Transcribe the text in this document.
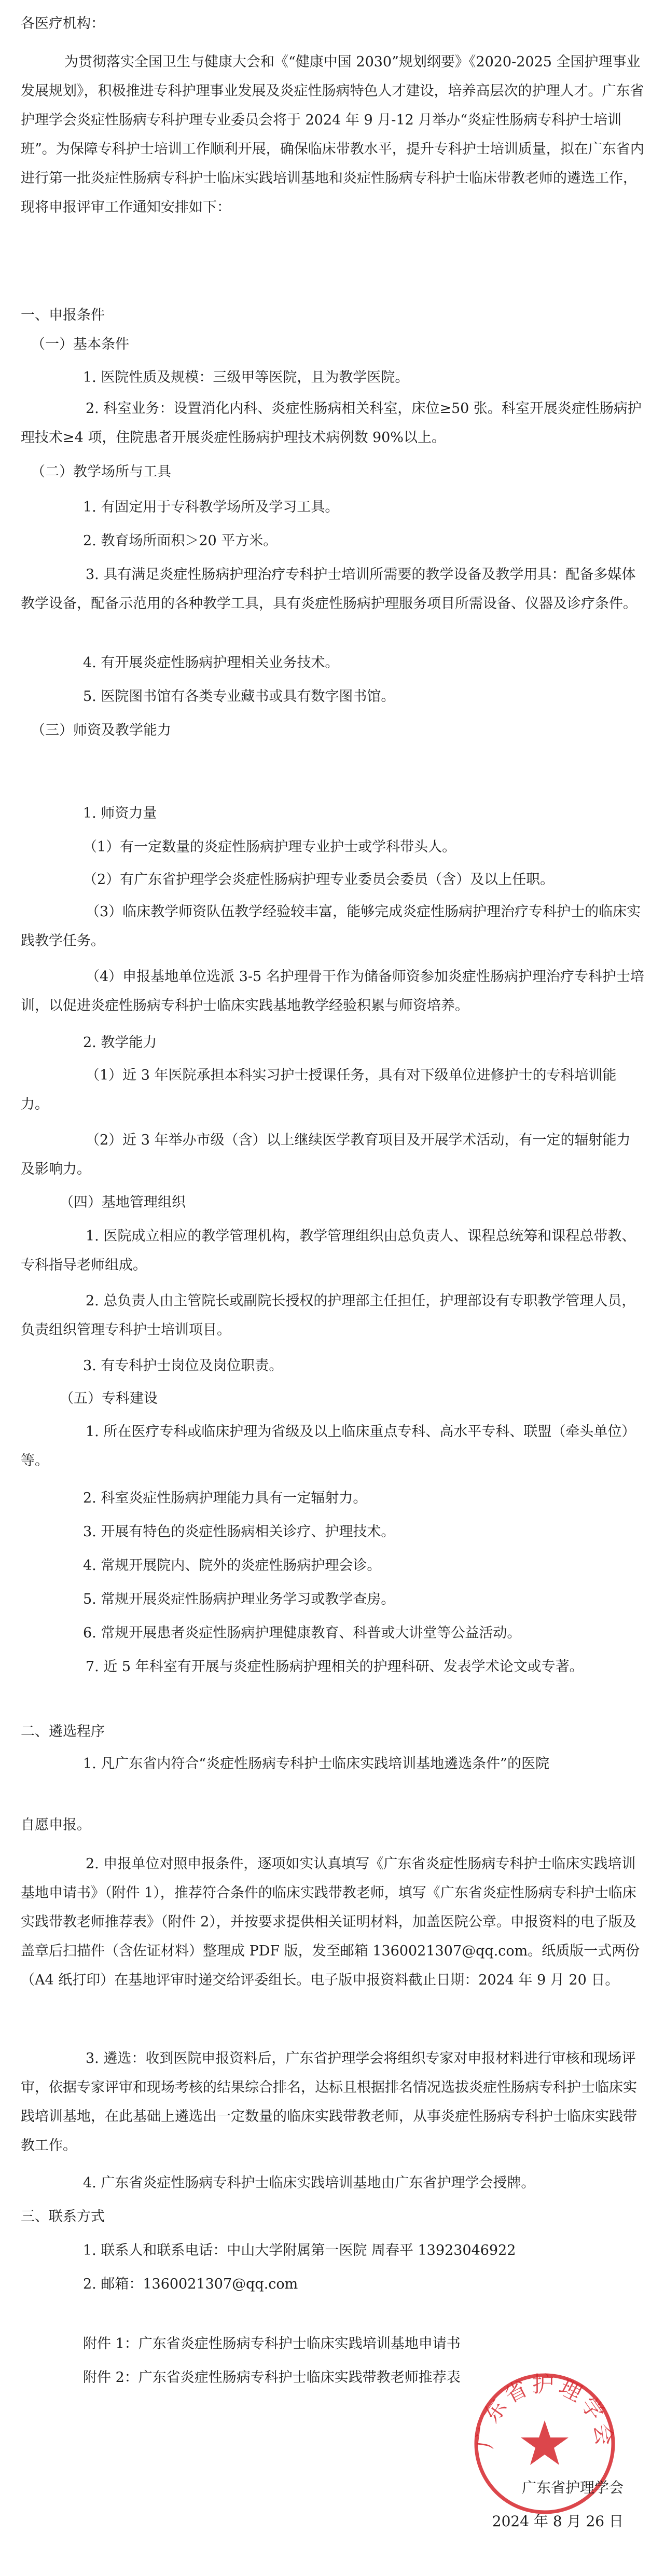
各医疗机构：

为贯彻落实全国卫生与健康大会和《“健康中国 2030”规划纲要》《2020-2025 全国护理事业发展规划》，积极推进专科护理事业发展及炎症性肠病特色人才建设，培养高层次的护理人才。广东省护理学会炎症性肠病专科护理专业委员会将于 2024 年 9 月-12 月举办“炎症性肠病专科护士培训班”。为保障专科护士培训工作顺利开展，确保临床带教水平，提升专科护士培训质量，拟在广东省内进行第一批炎症性肠病专科护士临床实践培训基地和炎症性肠病专科护士临床带教老师的遴选工作，现将申报评审工作通知安排如下：

一、申报条件

（一）基本条件

1. 医院性质及规模：三级甲等医院，且为教学医院。

2. 科室业务：设置消化内科、炎症性肠病相关科室，床位≥50 张。科室开展炎症性肠病护理技术≥4 项，住院患者开展炎症性肠病护理技术病例数 90%以上。

（二）教学场所与工具

1. 有固定用于专科教学场所及学习工具。

2. 教育场所面积＞20 平方米。

3. 具有满足炎症性肠病护理治疗专科护士培训所需要的教学设备及教学用具：配备多媒体教学设备，配备示范用的各种教学工具，具有炎症性肠病护理服务项目所需设备、仪器及诊疗条件。

4. 有开展炎症性肠病护理相关业务技术。

5. 医院图书馆有各类专业藏书或具有数字图书馆。

（三）师资及教学能力

1. 师资力量

（1）有一定数量的炎症性肠病护理专业护士或学科带头人。

（2）有广东省护理学会炎症性肠病护理专业委员会委员（含）及以上任职。

（3）临床教学师资队伍教学经验较丰富，能够完成炎症性肠病护理治疗专科护士的临床实践教学任务。

（4）申报基地单位选派 3-5 名护理骨干作为储备师资参加炎症性肠病护理治疗专科护士培训，以促进炎症性肠病专科护士临床实践基地教学经验积累与师资培养。

2. 教学能力

（1）近 3 年医院承担本科实习护士授课任务，具有对下级单位进修护士的专科培训能力。

（2）近 3 年举办市级（含）以上继续医学教育项目及开展学术活动，有一定的辐射能力及影响力。

（四）基地管理组织

1. 医院成立相应的教学管理机构，教学管理组织由总负责人、课程总统筹和课程总带教、专科指导老师组成。

2. 总负责人由主管院长或副院长授权的护理部主任担任，护理部设有专职教学管理人员，负责组织管理专科护士培训项目。

3. 有专科护士岗位及岗位职责。

（五）专科建设

1. 所在医疗专科或临床护理为省级及以上临床重点专科、高水平专科、联盟（牵头单位）等。

2. 科室炎症性肠病护理能力具有一定辐射力。

3. 开展有特色的炎症性肠病相关诊疗、护理技术。

4. 常规开展院内、院外的炎症性肠病护理会诊。

5. 常规开展炎症性肠病护理业务学习或教学查房。

6. 常规开展患者炎症性肠病护理健康教育、科普或大讲堂等公益活动。

7. 近 5 年科室有开展与炎症性肠病护理相关的护理科研、发表学术论文或专著。

二、遴选程序

1. 凡广东省内符合“炎症性肠病专科护士临床实践培训基地遴选条件”的医院

自愿申报。

2. 申报单位对照申报条件，逐项如实认真填写《广东省炎症性肠病专科护士临床实践培训基地申请书》（附件 1），推荐符合条件的临床实践带教老师，填写《广东省炎症性肠病专科护士临床实践带教老师推荐表》（附件 2），并按要求提供相关证明材料，加盖医院公章。申报资料的电子版及盖章后扫描件（含佐证材料）整理成 PDF 版，发至邮箱 1360021307@qq.com。纸质版一式两份（A4 纸打印）在基地评审时递交给评委组长。电子版申报资料截止日期：2024 年 9 月 20 日。

3. 遴选：收到医院申报资料后，广东省护理学会将组织专家对申报材料进行审核和现场评审，依据专家评审和现场考核的结果综合排名，达标且根据排名情况选拔炎症性肠病专科护士临床实践培训基地，在此基础上遴选出一定数量的临床实践带教老师，从事炎症性肠病专科护士临床实践带教工作。

4. 广东省炎症性肠病专科护士临床实践培训基地由广东省护理学会授牌。

三、联系方式

1. 联系人和联系电话：中山大学附属第一医院 周春平 13923046922

2. 邮箱：1360021307@qq.com

附件 1：广东省炎症性肠病专科护士临床实践培训基地申请书

附件 2：广东省炎症性肠病专科护士临床实践带教老师推荐表

广东省护理学会
广东省护理学会
2024 年 8 月 26 日
